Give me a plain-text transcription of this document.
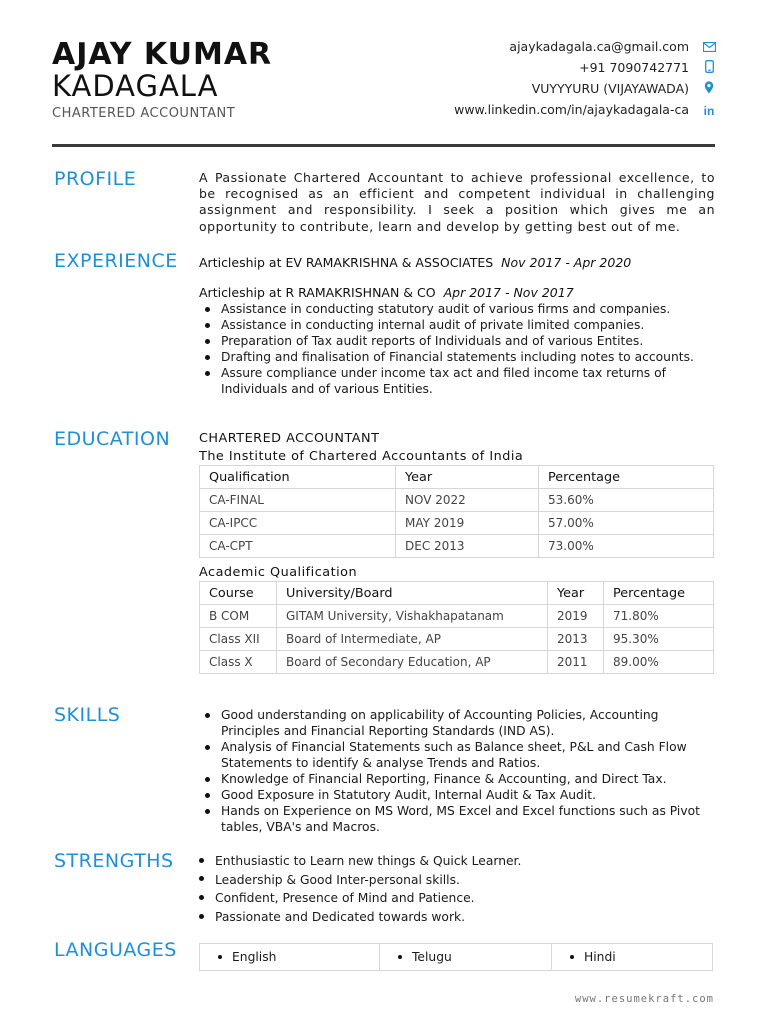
AJAY KUMAR
KADAGALA
CHARTERED ACCOUNTANT
ajaykadagala.ca@gmail.com
+91 7090742771
VUYYYURU (VIJAYAWADA)
www.linkedin.com/in/ajaykadagala-ca in
PROFILE	A Passionate Chartered Accountant to achieve professional excellence, to be recognised as an efficient and competent individual in challenging assignment and responsibility. I seek a position which gives me an opportunity to contribute, learn and develop by getting best out of me.
EXPERIENCE Articleship at EV RAMAKRISHNA & ASSOCIATES Nov 2017 - Apr 2020
Articleship at R RAMAKRISHNAN & CO Apr 2017 - Nov 2017
Assistance in conducting statutory audit of various firms and companies.
Assistance in conducting internal audit of private limited companies.
Preparation of Tax audit reports of Individuals and of various Entites.
Drafting and finalisation of Financial statements including notes to accounts.
Assure compliance under income tax act and filed income tax returns of Individuals and of various Entities.
EDUCATION CHARTERED ACCOUNTANT
The Institute of Chartered Accountants of India
Qualification	Year	Percentage
CA-FINAL	NOV 2022	53.60%
CA-IPCC	MAY 2019	57.00%
CA-CPT	DEC 2013	73.00%
Academic Qualification
Course	University/Board	Year	Percentage
B COM	GITAM University, Vishakhapatanam	2019	71.80%
Class XII	Board of Intermediate, AP	2013	95.30%
Class X	Board of Secondary Education, AP	2011	89.00%
SKILLS	Good understanding on applicability of Accounting Policies, Accounting Principles and Financial Reporting Standards (IND AS).
Analysis of Financial Statements such as Balance sheet, P&L and Cash Flow Statements to identify & analyse Trends and Ratios.
Knowledge of Financial Reporting, Finance & Accounting, and Direct Tax.
Good Exposure in Statutory Audit, Internal Audit & Tax Audit.
Hands on Experience on MS Word, MS Excel and Excel functions such as Pivot tables, VBA's and Macros.
STRENGTHS	Enthusiastic to Learn new things & Quick Learner.
Leadership & Good Inter-personal skills.
Confident, Presence of Mind and Patience.
Passionate and Dedicated towards work.
LANGUAGES	English	Telugu	Hindi
www.resumekraft.com
